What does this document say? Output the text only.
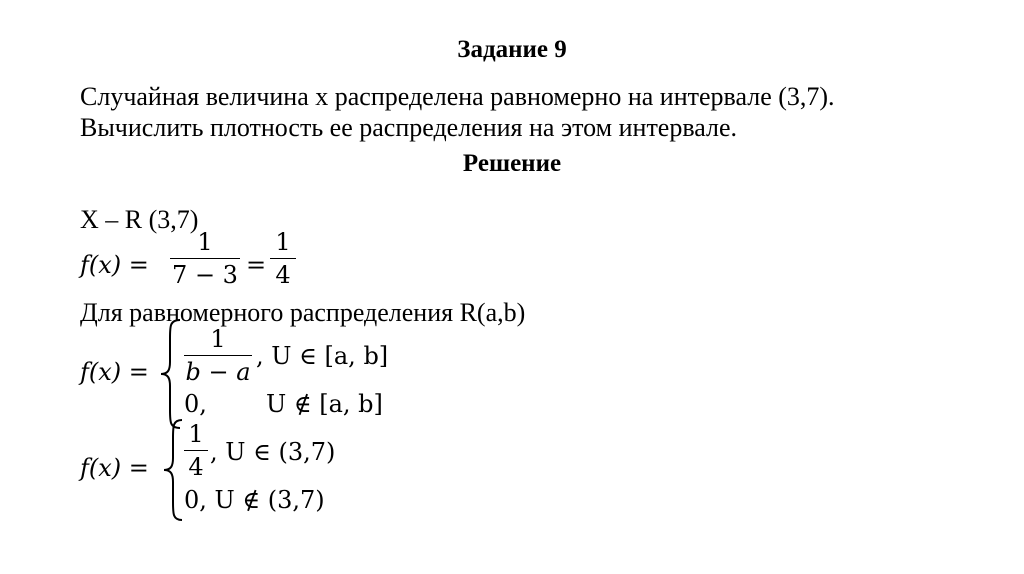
Задание 9
Случайная величина х распределена равномерно на интервале (3,7).
Вычислить плотность ее распределения на этом интервале.
Решение
X – R (3,7)
f(x) =
1
7 − 3 =
1
4
Для равномерного распределения R(a,b)
f(x) =
1
b − a
, U ∈ [a, b]
0, U ∉ [a, b]
f(x) =
1
4
, U ∈ (3,7)
0, U ∉ (3,7)
